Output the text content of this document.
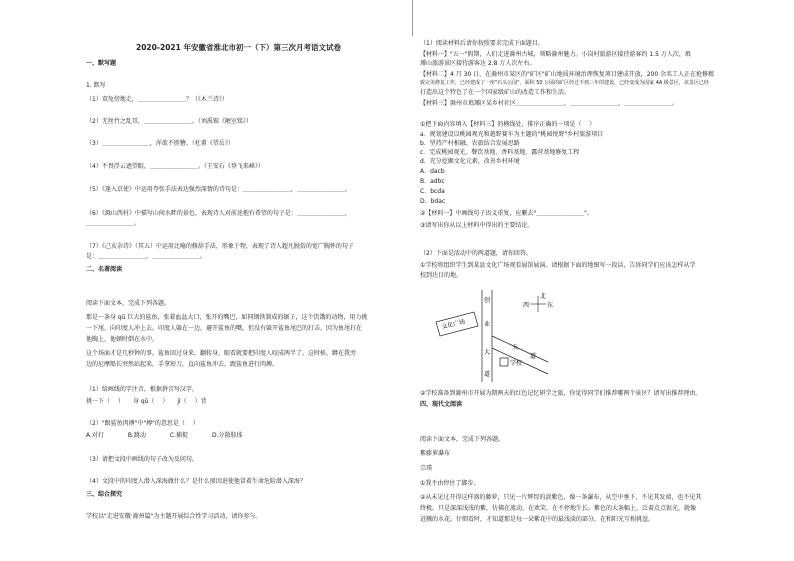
2020-2021 年安徽省淮北市初一（下）第三次月考语文试卷
一、默写题
1. 默写
（1）双兔傍地走，＿＿＿＿＿＿＿＿？（《木兰诗》）
（2）无丝竹之乱耳，＿＿＿＿＿＿＿＿。（刘禹锡《陋室铭》）
（3）＿＿＿＿＿＿＿＿，浑欲不胜簪。（杜甫《望岳》）
（4）不畏浮云遮望眼，＿＿＿＿＿＿＿＿。（王安石《登飞来峰》）
（5）《逢入京使》中运用夸张手法表达强烈深情的诗句是：＿＿＿＿＿＿＿＿，＿＿＿＿＿＿＿＿。
（6）《滁山西村》中描写山间水畔的景色，表现诗人对前途抱有希望的句子是：＿＿＿＿＿＿＿＿，
＿＿＿＿＿＿＿＿。
（7）《己亥杂诗》（其五）中运用比喻的修辞手法，形象于物，表现了诗人超凡脱俗的宽广胸怀的句子
是：＿＿＿＿＿＿＿＿，＿＿＿＿＿＿＿＿。
二、名著阅读
阅读下面文本，完成下列各题。
那是一条身 qū 巨大的鲨鱼，张着血盆大口，张开的嘴巴，如同钢铁制成的锯子，这个饥饿的动物，用力挑
一下尾，向印度人冲上去。印度人躲在一边，避开鲨鱼的嘴，但没有躲开鲨鱼尾巴的打击，因为鱼尾打在
他胸上，他顿时倒在水中。
这个场面才是几秒钟的事，鲨鱼回过身来，翻转身，眼看就要把印度人咬成两半了。这时候，蹲在我旁
边的尼摩船长突然站起来，手拿短刀，直向鲨鱼冲去，跟鲨鱼进行肉搏。
（1）给画线的字注音，根据拼音写汉字。
挑一下（ 　）　　身 qū（ 　）　　jì（ 　）背
（2）"跟鲨鱼肉搏"中"搏"的意思是（ 　）
A.对打　　　　B.跳动　　　　C.捕捉　　　　D.分散肢体
（3）请把文段中画线的句子改为反问句。
（4）文段中的印度人潜入深海做什么？是什么原因迫使他冒着生命危险潜入深海？
三、综合探究
学校以"走进安徽·滁州篇"为主题开展综合性学习活动，请你参与。
（1）阅读材料后请你按照要求完成下面题目。
【材料一】"五一"假期，人们走进滁州古城，领略滁州魅力。小岗村旅游区接待游客约 1.5 万人次，琅
琊山旅游景区接待游客达 2.8 万人次左右。
【材料二】4 月 30 日，在滁州市某区的"矿区"矿山地质环境治理恢复项目建成开放，200 余名工人正在抢修精
致完美修复工作，已经建成了一座"石头公园"，面积 50 公顷的矿区经过不到三年的建设，已经变成为国家 4A 级景区，该景区已经
打造出这个特色了在一个国家级矿山的改造工作和生活。
【材料三】滁州市琅琊区某乡村社区＿＿＿＿＿＿＿＿，＿＿＿＿＿＿＿＿，＿＿＿＿＿＿＿＿。
①把下面内容填入【材料三】的横线处，排序正确的一项是（ 　）
a．规划建设以桃园观光和越野赛车为主题的"桃园悦野"乡村旅游项目
b．坚持产村相融、农旅结合发展思路
c．完成桃园观光、餐饮基地、香料基地、露营基地修复工程
d．充分挖掘文化元素，改善乡村环境
A．dacb
B．adbc
C．bcda
D．bdac
②【材料一】中画线句子语义重复，应删去"＿＿＿＿＿＿＿＿"。
③请写出你从以上材料中得出的主要结论。
（2）下面是活动中的两道题，请你回答。
①学校将组织学生到某县文化广场观看展馆展演。请根据下面的地图写一段话，告诉同学们应该怎样从学
校到达目的地。
北
西	东
文化广场
创
业
大
道
天
道
学校
②学校准备到滁州市开展为期两天的红色记忆研学之旅，你觉得同学们推荐哪两个景区？请写出推荐理由。
四、现代文阅读
阅读下面文本，完成下列各题。
紫藤萝瀑布
宗璞
①我不由停住了脚步。
②从未见过开得这样盛的藤萝，只见一片辉煌的淡紫色，像一条瀑布，从空中垂下，不见其发端，也不见其
终极。只是深深浅浅的紫，仿佛在流动，在欢笑，在不停地生长。紫色的大条幅上，泛着点点银光，就像
迸溅的水花。仔细看时，才知道那是每一朵紫花中的最浅淡的部分，在和阳光互相挑逗。
